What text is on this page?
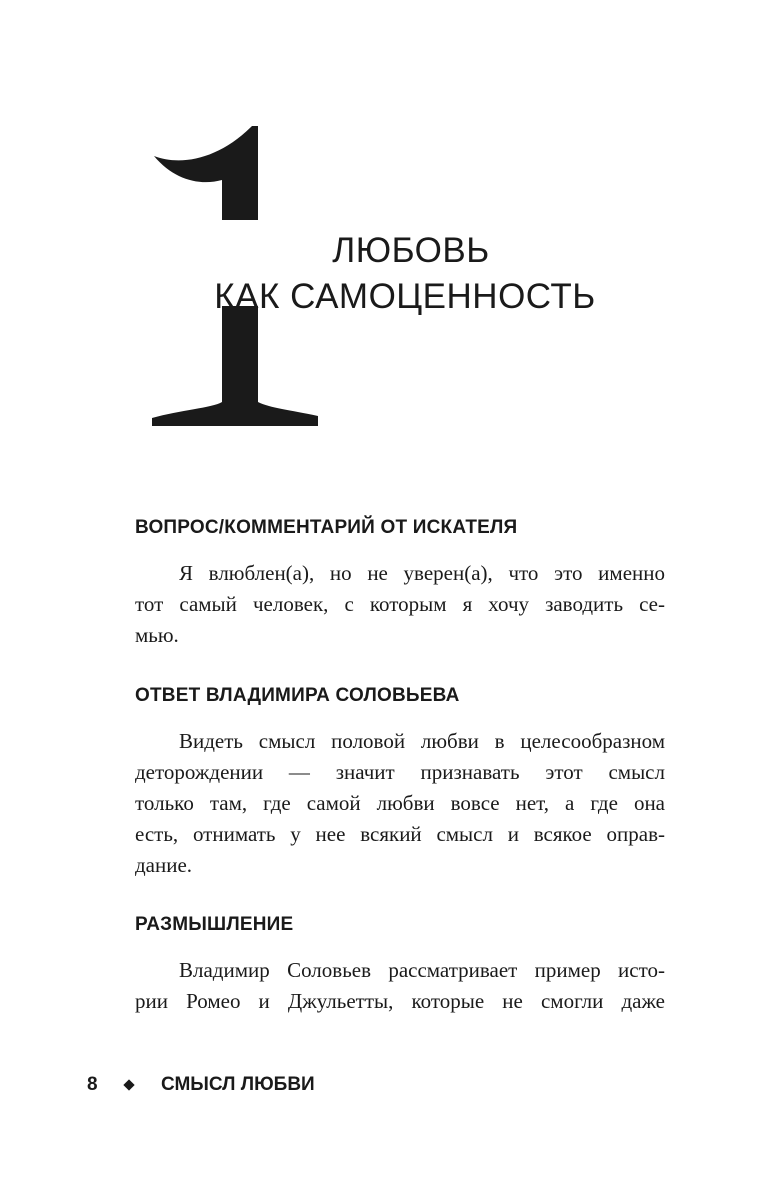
ЛЮБОВЬ
КАК САМОЦЕННОСТЬ
ВОПРОС/КОММЕНТАРИЙ ОТ ИСКАТЕЛЯ

Я влюблен(а), но не уверен(а), что это именно
тот самый человек, с которым я хочу заводить се-
мью.

ОТВЕТ ВЛАДИМИРА СОЛОВЬЕВА

Видеть смысл половой любви в целесообразном
деторождении — значит признавать этот смысл
только там, где самой любви вовсе нет, а где она
есть, отнимать у нее всякий смысл и всякое оправ-
дание.

РАЗМЫШЛЕНИЕ

Владимир Соловьев рассматривает пример исто-
рии Ромео и Джульетты, которые не смогли даже

8	СМЫСЛ ЛЮБВИ
